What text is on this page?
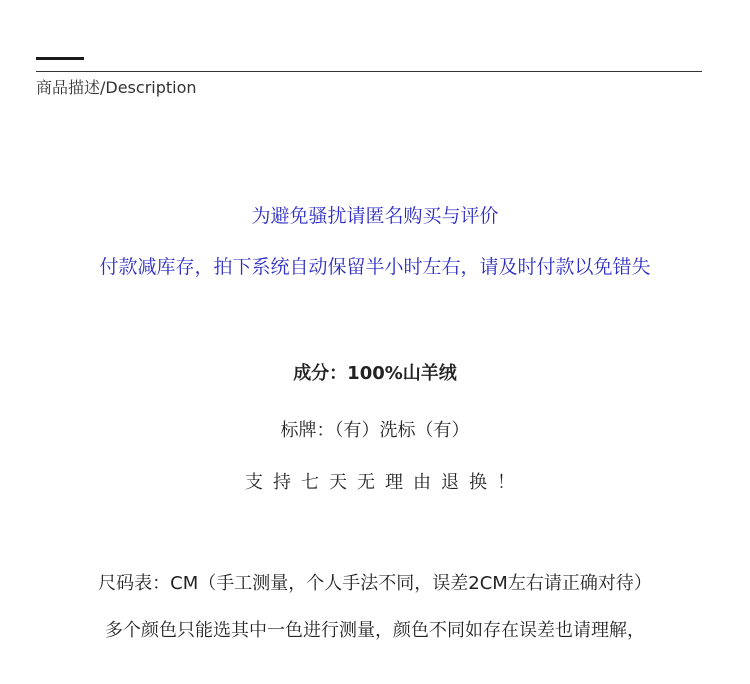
商品描述/Description
为避免骚扰请匿名购买与评价
付款减库存，拍下系统自动保留半小时左右，请及时付款以免错失
成分：100%山羊绒
标牌：（有）洗标（有）
支持七天无理由退换！
尺码表：CM（手工测量，个人手法不同，误差2CM左右请正确对待）
多个颜色只能选其中一色进行测量，颜色不同如存在误差也请理解，
